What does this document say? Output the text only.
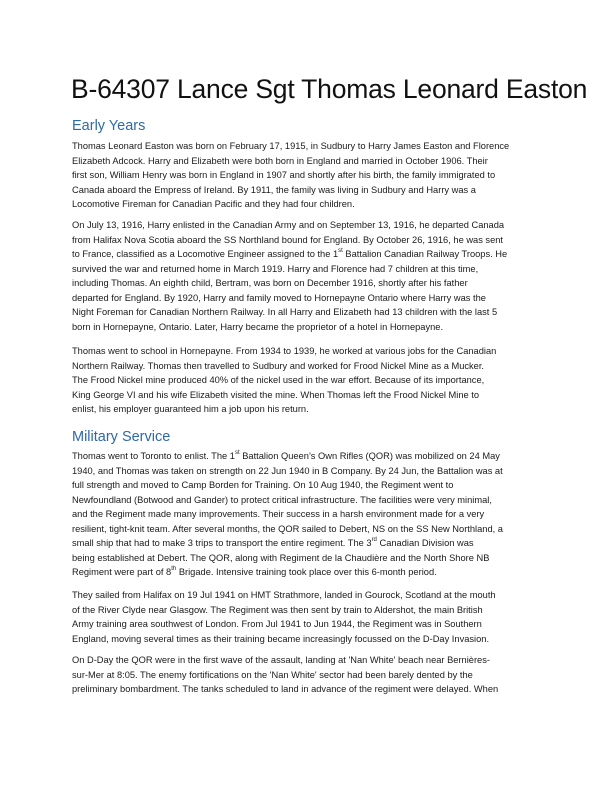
B-64307 Lance Sgt Thomas Leonard Easton
Early Years
Thomas Leonard Easton was born on February 17, 1915, in Sudbury to Harry James Easton and Florence
Elizabeth Adcock. Harry and Elizabeth were both born in England and married in October 1906. Their
first son, William Henry was born in England in 1907 and shortly after his birth, the family immigrated to
Canada aboard the Empress of Ireland. By 1911, the family was living in Sudbury and Harry was a
Locomotive Fireman for Canadian Pacific and they had four children.
On July 13, 1916, Harry enlisted in the Canadian Army and on September 13, 1916, he departed Canada
from Halifax Nova Scotia aboard the SS Northland bound for England. By October 26, 1916, he was sent
to France, classified as a Locomotive Engineer assigned to the 1st Battalion Canadian Railway Troops. He
survived the war and returned home in March 1919. Harry and Florence had 7 children at this time,
including Thomas. An eighth child, Bertram, was born on December 1916, shortly after his father
departed for England. By 1920, Harry and family moved to Hornepayne Ontario where Harry was the
Night Foreman for Canadian Northern Railway. In all Harry and Elizabeth had 13 children with the last 5
born in Hornepayne, Ontario. Later, Harry became the proprietor of a hotel in Hornepayne.
Thomas went to school in Hornepayne. From 1934 to 1939, he worked at various jobs for the Canadian
Northern Railway. Thomas then travelled to Sudbury and worked for Frood Nickel Mine as a Mucker.
The Frood Nickel mine produced 40% of the nickel used in the war effort. Because of its importance,
King George VI and his wife Elizabeth visited the mine. When Thomas left the Frood Nickel Mine to
enlist, his employer guaranteed him a job upon his return.
Military Service
Thomas went to Toronto to enlist. The 1st Battalion Queen’s Own Rifles (QOR) was mobilized on 24 May
1940, and Thomas was taken on strength on 22 Jun 1940 in B Company. By 24 Jun, the Battalion was at
full strength and moved to Camp Borden for Training. On 10 Aug 1940, the Regiment went to
Newfoundland (Botwood and Gander) to protect critical infrastructure. The facilities were very minimal,
and the Regiment made many improvements. Their success in a harsh environment made for a very
resilient, tight-knit team. After several months, the QOR sailed to Debert, NS on the SS New Northland, a
small ship that had to make 3 trips to transport the entire regiment. The 3rd Canadian Division was
being established at Debert. The QOR, along with Regiment de la Chaudière and the North Shore NB
Regiment were part of 8th Brigade. Intensive training took place over this 6-month period.
They sailed from Halifax on 19 Jul 1941 on HMT Strathmore, landed in Gourock, Scotland at the mouth
of the River Clyde near Glasgow. The Regiment was then sent by train to Aldershot, the main British
Army training area southwest of London. From Jul 1941 to Jun 1944, the Regiment was in Southern
England, moving several times as their training became increasingly focussed on the D-Day Invasion.
On D-Day the QOR were in the first wave of the assault, landing at 'Nan White' beach near Bernières-
sur-Mer at 8:05. The enemy fortifications on the 'Nan White' sector had been barely dented by the
preliminary bombardment. The tanks scheduled to land in advance of the regiment were delayed. When
